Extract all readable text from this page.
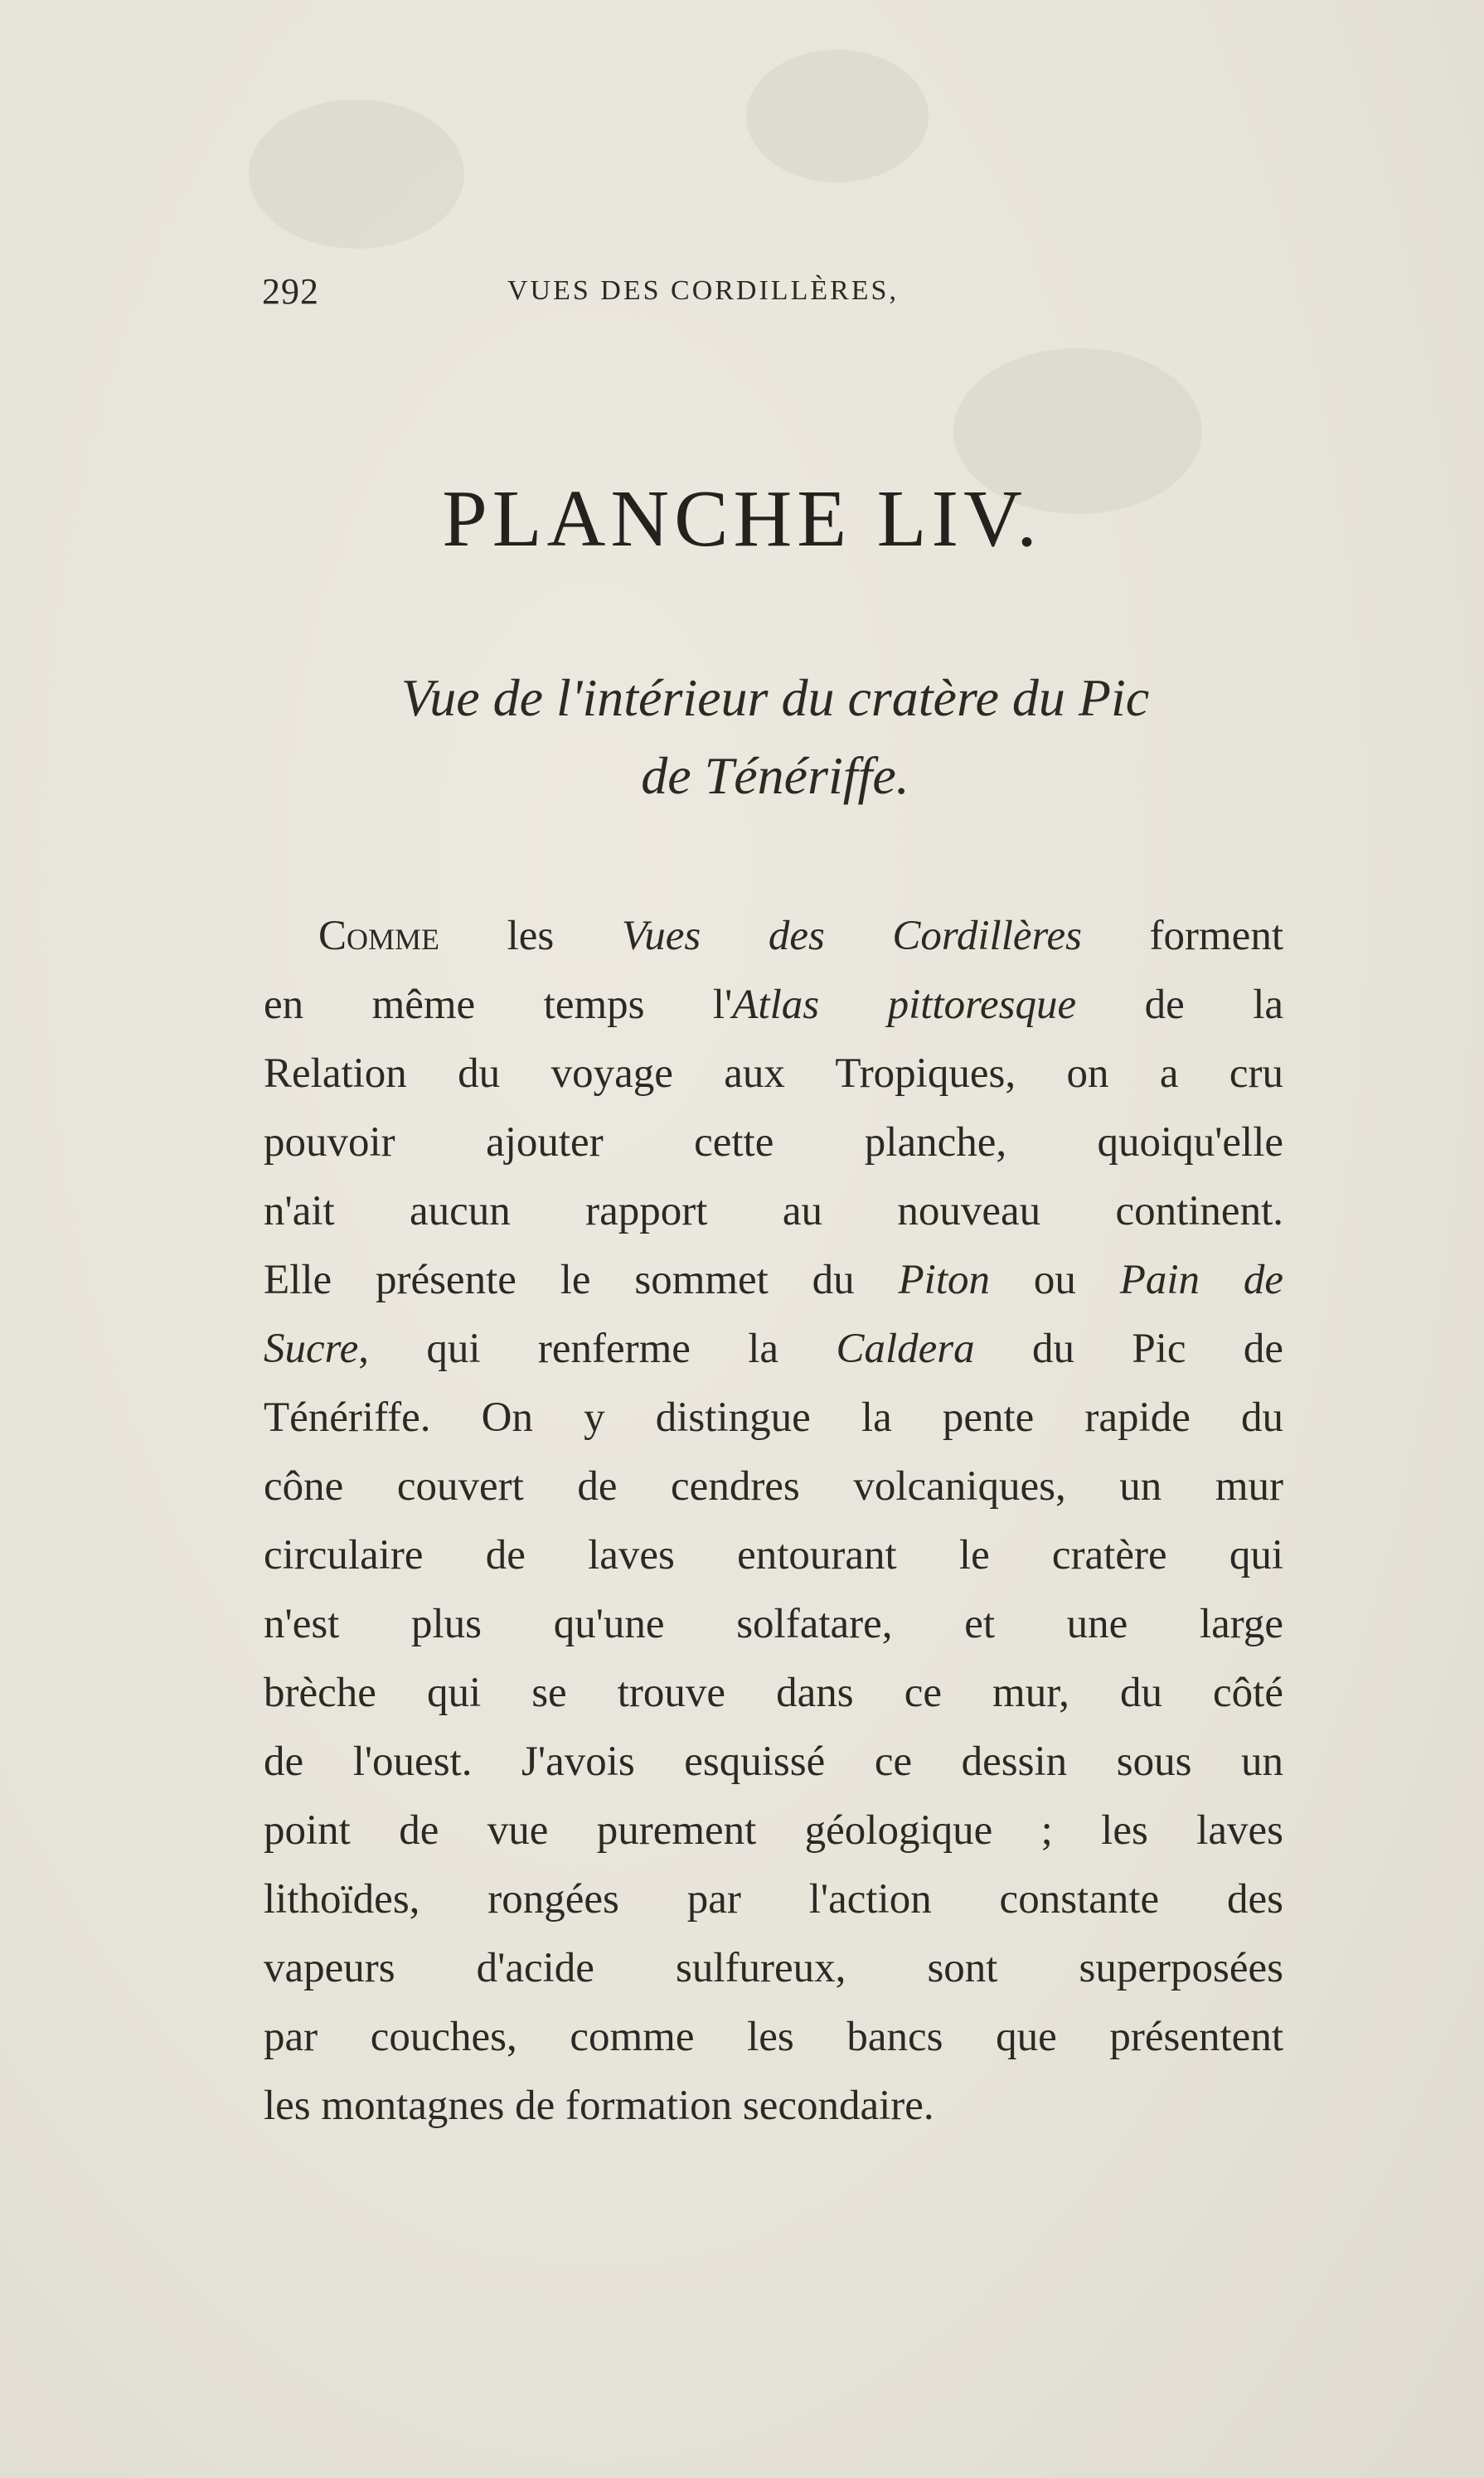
292	VUES DES CORDILLÈRES,
PLANCHE LIV.
Vue de l'intérieur du cratère du Pic
de Ténériffe.
Comme les Vues des Cordillères forment
en même temps l'Atlas pittoresque de la
Relation du voyage aux Tropiques, on a cru
pouvoir ajouter cette planche, quoiqu'elle
n'ait aucun rapport au nouveau continent.
Elle présente le sommet du Piton ou Pain de
Sucre, qui renferme la Caldera du Pic de
Ténériffe. On y distingue la pente rapide du
cône couvert de cendres volcaniques, un mur
circulaire de laves entourant le cratère qui
n'est plus qu'une solfatare, et une large
brèche qui se trouve dans ce mur, du côté
de l'ouest. J'avois esquissé ce dessin sous un
point de vue purement géologique ; les laves
lithoïdes, rongées par l'action constante des
vapeurs d'acide sulfureux, sont superposées
par couches, comme les bancs que présentent
les montagnes de formation secondaire.
